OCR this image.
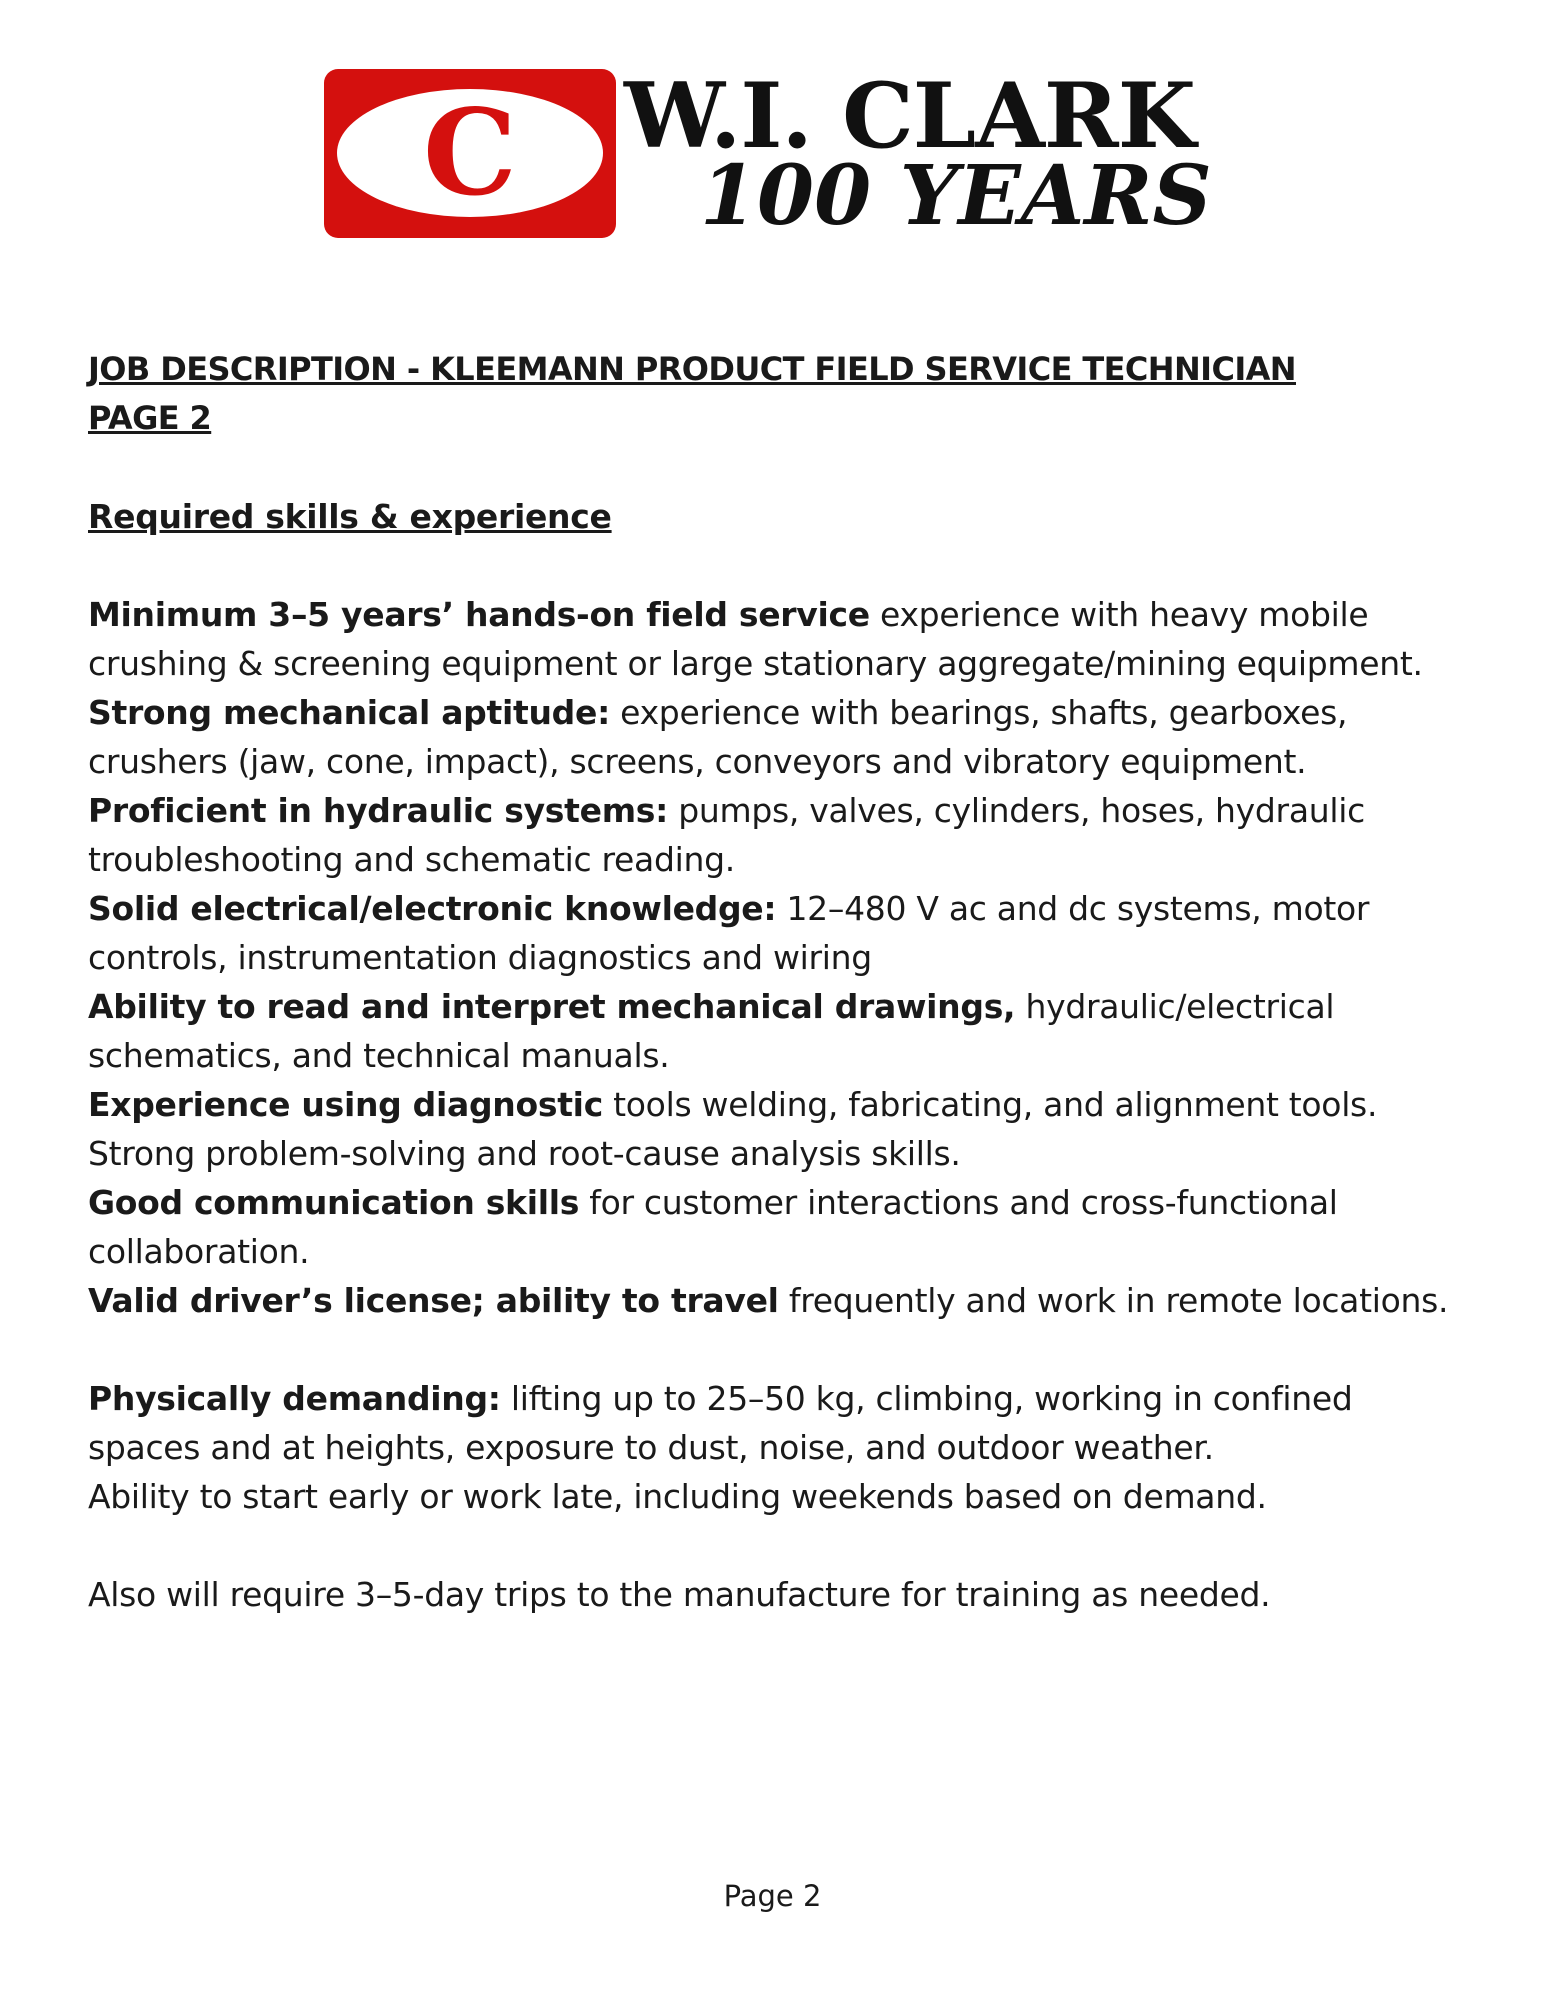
C	W.I. CLARK
100 YEARS

JOB DESCRIPTION - KLEEMANN PRODUCT FIELD SERVICE TECHNICIAN
PAGE 2

Required skills & experience

Minimum 3–5 years’ hands-on field service experience with heavy mobile crushing & screening equipment or large stationary aggregate/mining equipment.

Strong mechanical aptitude: experience with bearings, shafts, gearboxes, crushers (jaw, cone, impact), screens, conveyors and vibratory equipment.

Proficient in hydraulic systems: pumps, valves, cylinders, hoses, hydraulic troubleshooting and schematic reading.

Solid electrical/electronic knowledge: 12–480 V ac and dc systems, motor controls, instrumentation diagnostics and wiring

Ability to read and interpret mechanical drawings, hydraulic/electrical schematics, and technical manuals.

Experience using diagnostic tools welding, fabricating, and alignment tools.

Strong problem-solving and root-cause analysis skills.

Good communication skills for customer interactions and cross-functional collaboration.

Valid driver’s license; ability to travel frequently and work in remote locations.

Physically demanding: lifting up to 25–50 kg, climbing, working in confined spaces and at heights, exposure to dust, noise, and outdoor weather.

Ability to start early or work late, including weekends based on demand.

Also will require 3–5-day trips to the manufacture for training as needed.

Page 2
